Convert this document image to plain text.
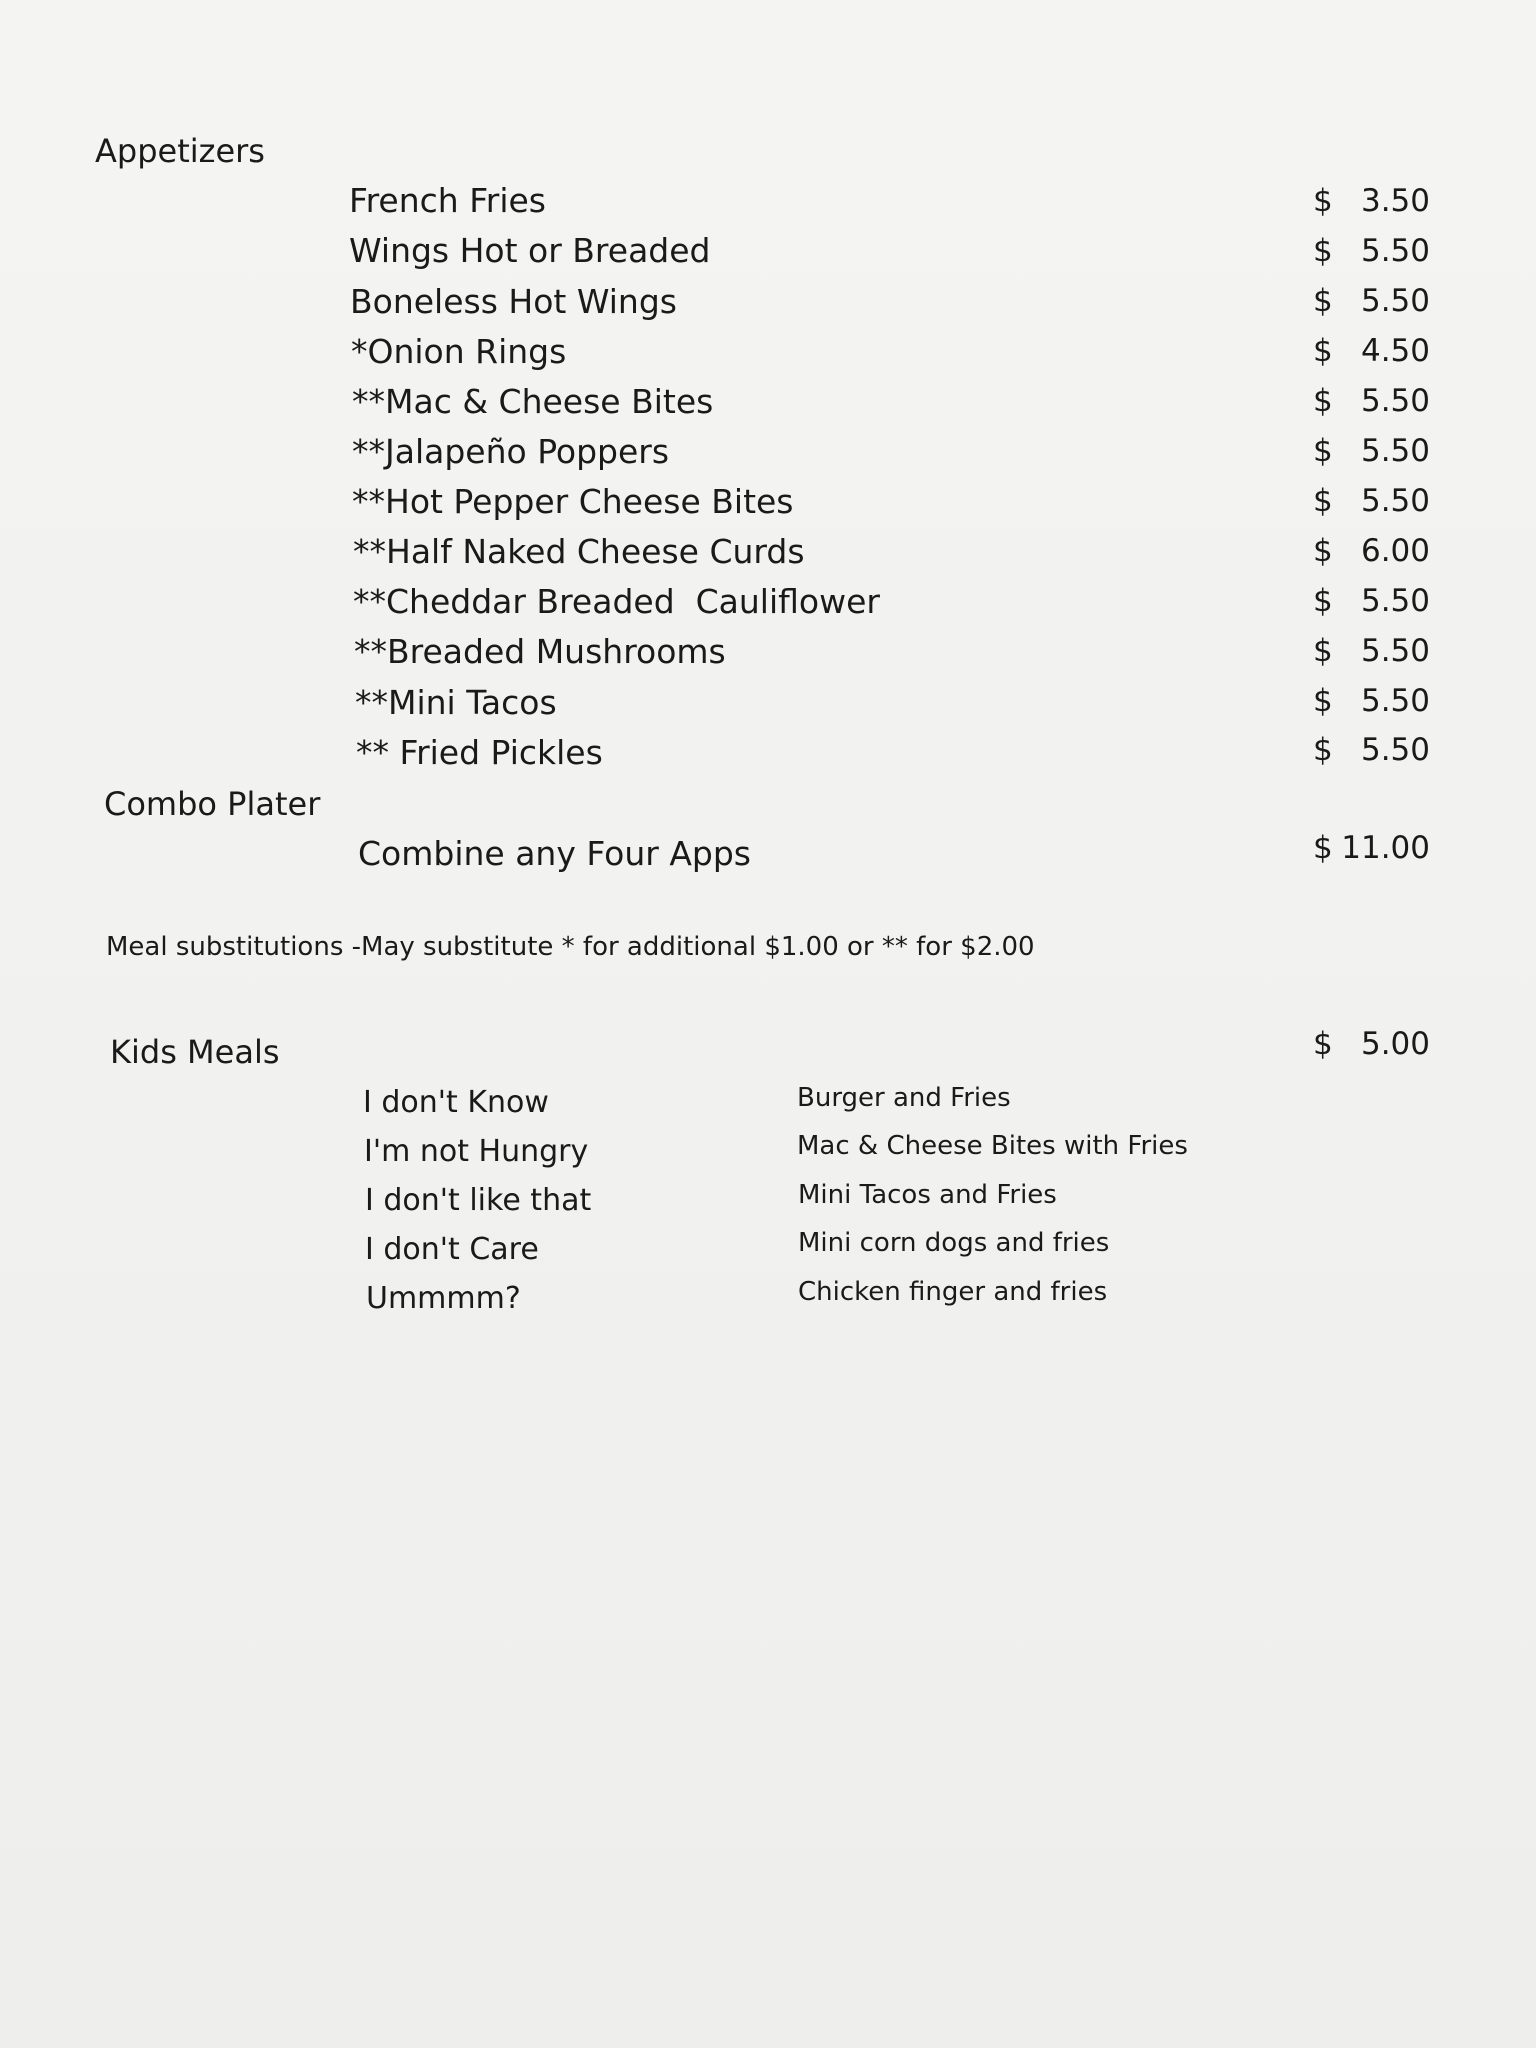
Appetizers
French Fries	$ 3.50
Wings Hot or Breaded	$ 5.50
Boneless Hot Wings	$ 5.50
*Onion Rings	$ 4.50
**Mac & Cheese Bites	$ 5.50
**Jalapeño Poppers	$ 5.50
**Hot Pepper Cheese Bites	$ 5.50
**Half Naked Cheese Curds	$ 6.00
**Cheddar Breaded  Cauliflower	$ 5.50
**Breaded Mushrooms	$ 5.50
**Mini Tacos	$ 5.50
** Fried Pickles	$ 5.50
Combo Plater
Combine any Four Apps	$ 11.00
Meal substitutions -May substitute * for additional $1.00 or ** for $2.00
Kids Meals	$ 5.00
I don't Know	Burger and Fries
I'm not Hungry	Mac & Cheese Bites with Fries
I don't like that	Mini Tacos and Fries
I don't Care	Mini corn dogs and fries
Ummmm?	Chicken finger and fries
